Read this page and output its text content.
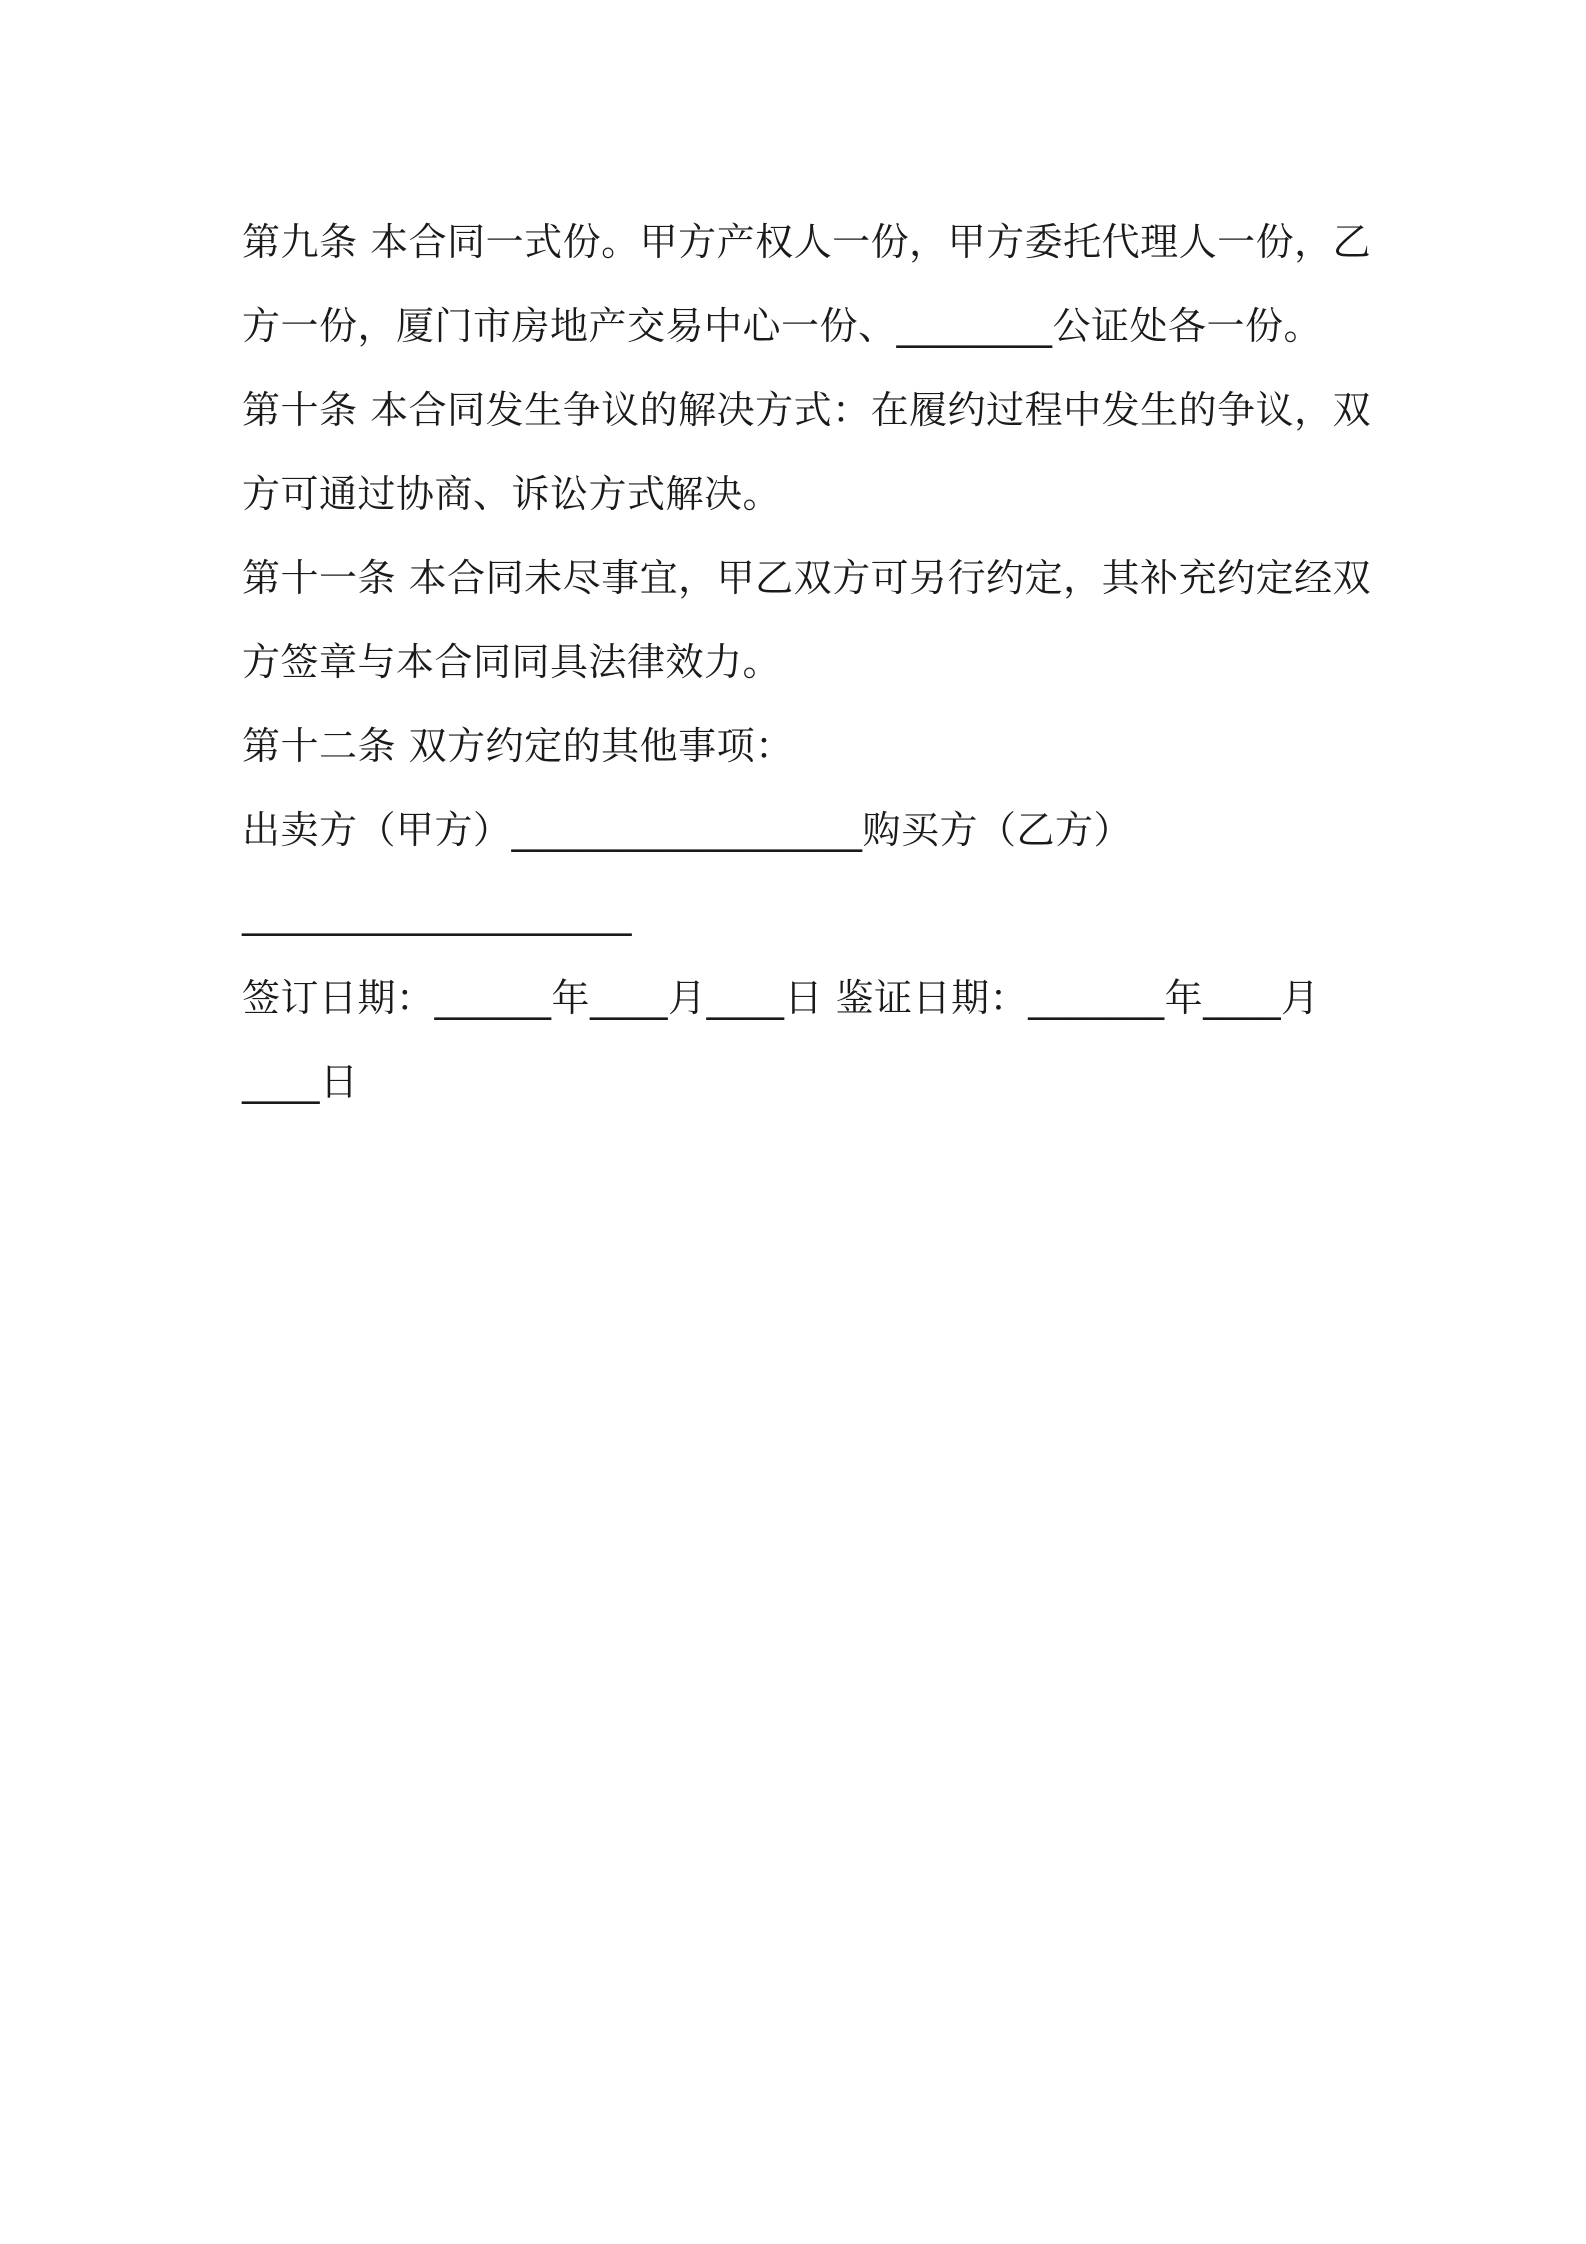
第九条 本合同一式份。甲方产权人一份，甲方委托代理人一份，乙
方一份，厦门市房地产交易中心一份、________公证处各一份。
第十条 本合同发生争议的解决方式：在履约过程中发生的争议，双
方可通过协商、诉讼方式解决。
第十一条 本合同未尽事宜，甲乙双方可另行约定，其补充约定经双
方签章与本合同同具法律效力。
第十二条 双方约定的其他事项：
出卖方（甲方）__________________购买方（乙方）
____________________
签订日期：______年____月____日 鉴证日期：_______年____月
____日
